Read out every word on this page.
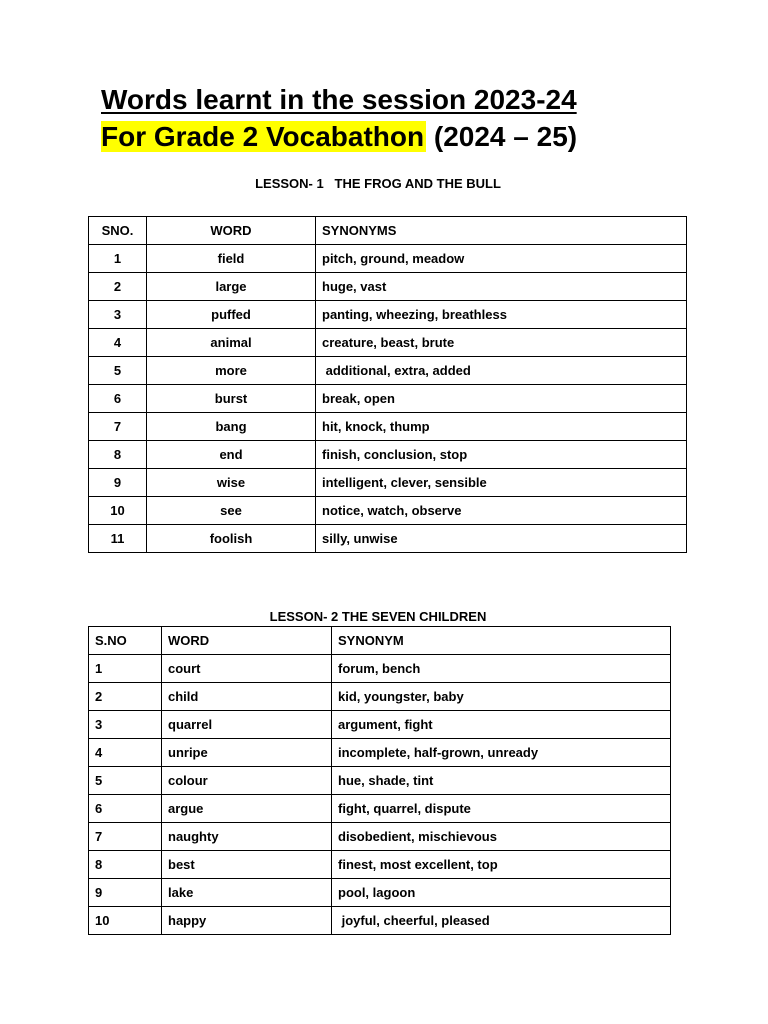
Words learnt in the session 2023-24
For Grade 2 Vocabathon (2024 – 25)
LESSON- 1   THE FROG AND THE BULL
SNO.	WORD	SYNONYMS
1	field	pitch, ground, meadow
2	large	huge, vast
3	puffed	panting, wheezing, breathless
4	animal	creature, beast, brute
5	more	additional, extra, added
6	burst	break, open
7	bang	hit, knock, thump
8	end	finish, conclusion, stop
9	wise	intelligent, clever, sensible
10	see	notice, watch, observe
11	foolish	silly, unwise
LESSON- 2 THE SEVEN CHILDREN
S.NO	WORD	SYNONYM
1	court	forum, bench
2	child	kid, youngster, baby
3	quarrel	argument, fight
4	unripe	incomplete, half-grown, unready
5	colour	hue, shade, tint
6	argue	fight, quarrel, dispute
7	naughty	disobedient, mischievous
8	best	finest, most excellent, top
9	lake	pool, lagoon
10	happy	joyful, cheerful, pleased
